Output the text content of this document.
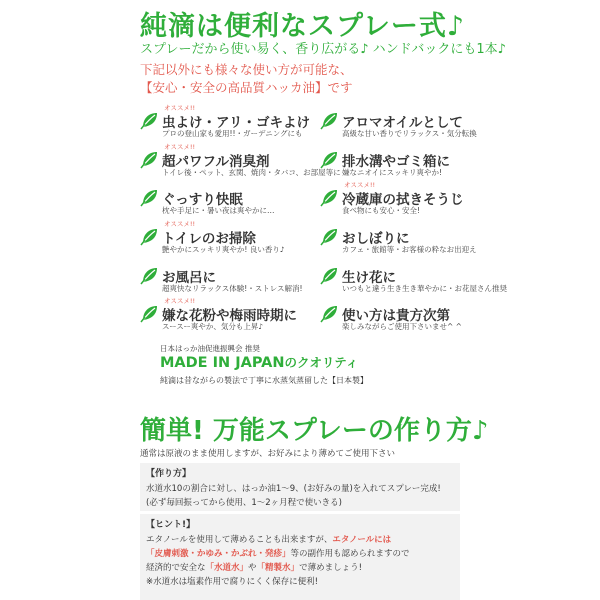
純滴は便利なスプレー式♪
スプレーだから使い易く、香り広がる♪ ハンドバックにも1本♪
下記以外にも様々な使い方が可能な、
【安心・安全の高品質ハッカ油】です
オススメ!!
虫よけ・アリ・ゴキよけ
プロの登山家も愛用!!・ガーデニングにも
オススメ!!
超パワフル消臭剤
トイレ後・ペット、玄関、焼肉・タバコ、お部屋等に
ぐっすり快眠
枕や手足に・暑い夜は爽やかに…
オススメ!!
トイレのお掃除
艶やかにスッキリ爽やか! 良い香り♪
お風呂に
超爽快なリラックス体験!・ストレス解消!
オススメ!!
嫌な花粉や梅雨時期に
スースー爽やか、気分も上昇♪
アロマオイルとして
高級な甘い香りでリラックス・気分転換
排水溝やゴミ箱に
嫌なニオイにスッキリ爽やか!
オススメ!!
冷蔵庫の拭きそうじ
食べ物にも安心・安全!
おしぼりに
カフェ・旅館等・お客様の粋なお出迎え
生け花に
いつもと違う生き生き華やかに・お花屋さん推奨
使い方は貴方次第
楽しみながらご使用下さいませ^ ^
日本はっか油促進振興会 推奨
MADE IN JAPANのクオリティ
純滴は昔ながらの製法で丁寧に水蒸気蒸留した【日本製】
簡単! 万能スプレーの作り方♪
通常は原液のまま使用しますが、お好みにより薄めてご使用下さい
【作り方】
水道水10の割合に対し、はっか油1～9、(お好みの量)を入れてスプレー完成!
(必ず毎回振ってから使用、1～2ヶ月程で使いきる)
【ヒント!】
エタノールを使用して薄めることも出来ますが、エタノールには
「皮膚刺激・かゆみ・かぶれ・発疹」等の副作用も認められますので
経済的で安全な「水道水」や「精製水」で薄めましょう!
※水道水は塩素作用で腐りにくく保存に便利!
